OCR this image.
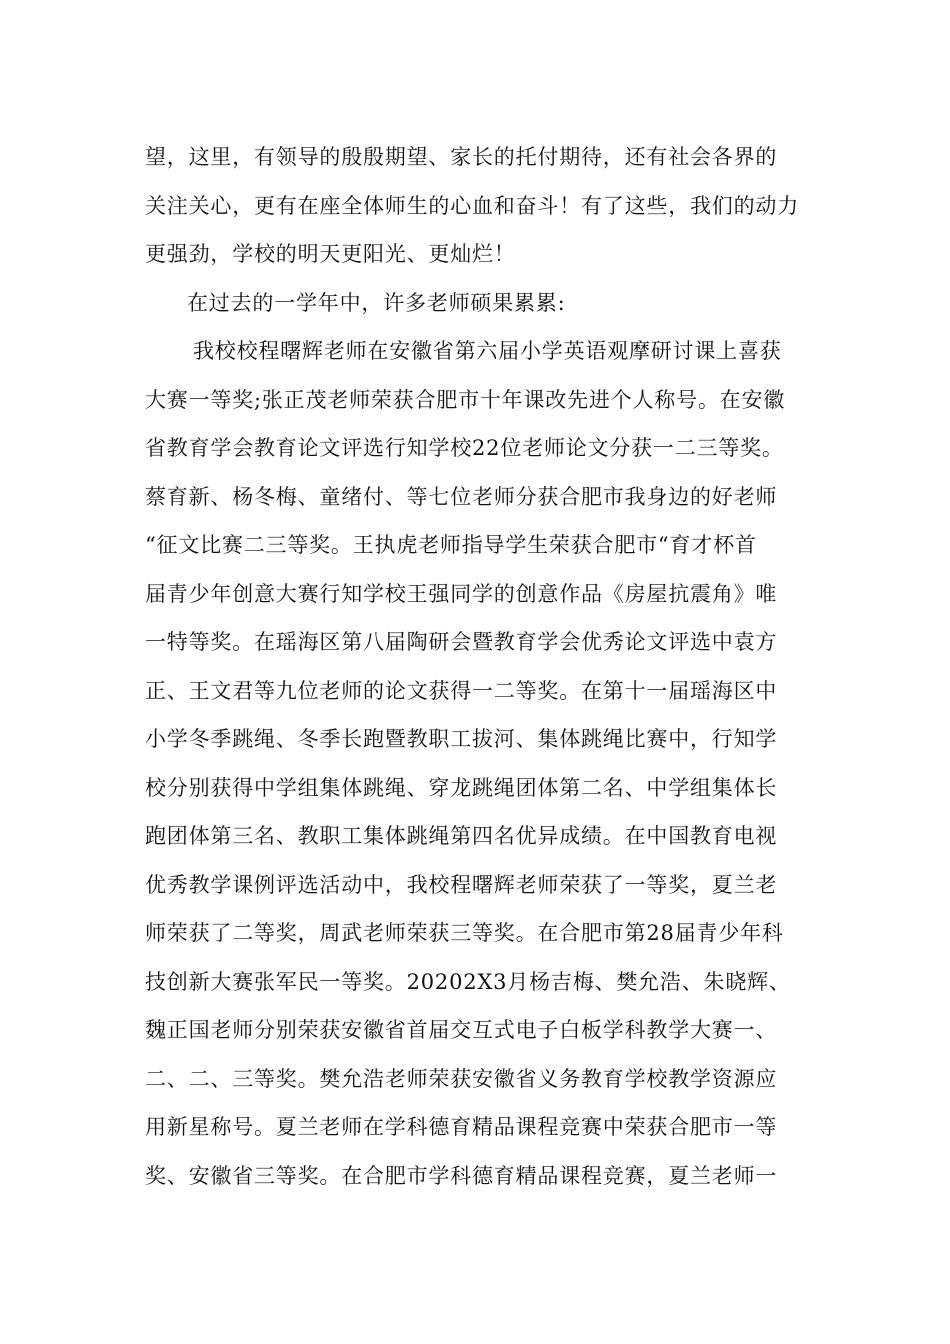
望，这里，有领导的殷殷期望、家长的托付期待，还有社会各界的
关注关心，更有在座全体师生的心血和奋斗！有了这些，我们的动力
更强劲，学校的明天更阳光、更灿烂！
在过去的一学年中，许多老师硕果累累:
我校校程曙辉老师在安徽省第六届小学英语观摩研讨课上喜获
大赛一等奖;张正茂老师荣获合肥市十年课改先进个人称号。在安徽
省教育学会教育论文评选行知学校22位老师论文分获一二三等奖。
蔡育新、杨冬梅、童绪付、等七位老师分获合肥市我身边的好老师
“征文比赛二三等奖。王执虎老师指导学生荣获合肥市“育才杯首
届青少年创意大赛行知学校王强同学的创意作品《房屋抗震角》唯
一特等奖。在瑶海区第八届陶研会暨教育学会优秀论文评选中袁方
正、王文君等九位老师的论文获得一二等奖。在第十一届瑶海区中
小学冬季跳绳、冬季长跑暨教职工拔河、集体跳绳比赛中，行知学
校分别获得中学组集体跳绳、穿龙跳绳团体第二名、中学组集体长
跑团体第三名、教职工集体跳绳第四名优异成绩。在中国教育电视
优秀教学课例评选活动中，我校程曙辉老师荣获了一等奖，夏兰老
师荣获了二等奖，周武老师荣获三等奖。在合肥市第28届青少年科
技创新大赛张军民一等奖。20202X3月杨吉梅、樊允浩、朱晓辉、
魏正国老师分别荣获安徽省首届交互式电子白板学科教学大赛一、
二、二、三等奖。樊允浩老师荣获安徽省义务教育学校教学资源应
用新星称号。夏兰老师在学科德育精品课程竞赛中荣获合肥市一等
奖、安徽省三等奖。在合肥市学科德育精品课程竞赛，夏兰老师一
